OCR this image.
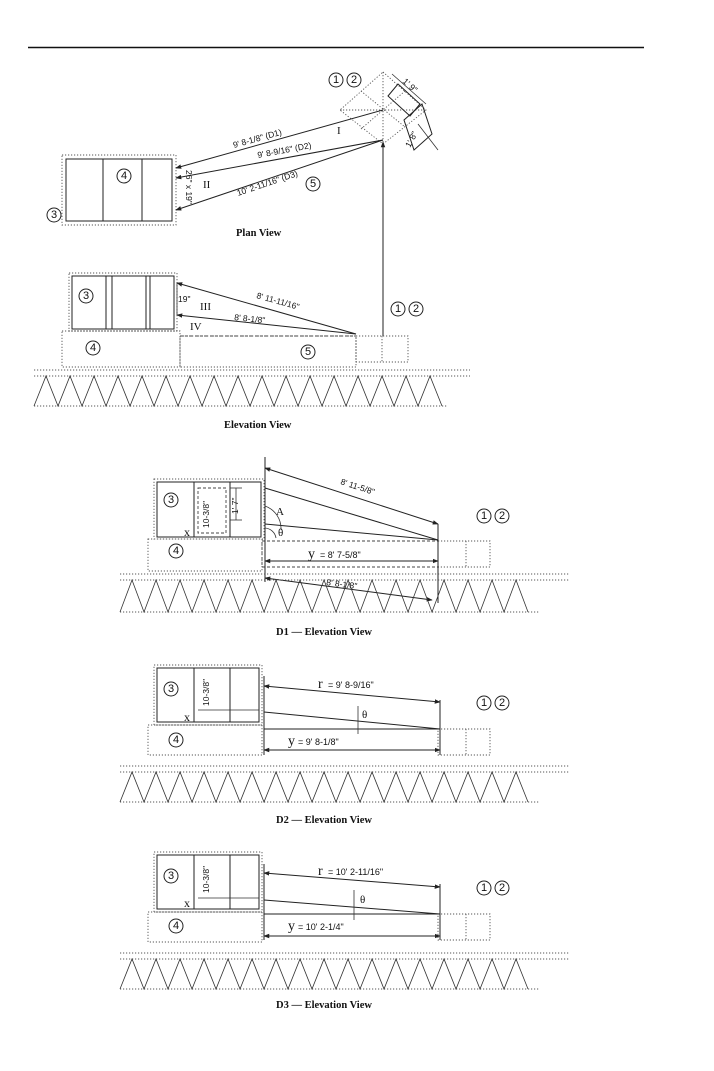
26" x 19"
1' 9"
1' 8"
9' 8-1/8" (D1)
9' 8-9/16" (D2)
10' 2-11/16" (D3)
I
II
1 2
3
4
5
Plan View
8' 11-11/16"
8' 8-1/8"
19"
III
IV
3
4	5
1 2
Elevation View
8' 11-5/8"
8' 8-1/8"
y = 8' 7-5/8"
10-3/8" 1' 7"	A
θ
x
3
4
1 2
D1 — Elevation View
r = 9' 8-9/16"
y = 9' 8-1/8"
10-3/8"
θ
x
3
4
1 2
D2 — Elevation View
r = 10' 2-11/16"
y = 10' 2-1/4"
10-3/8"
θ
x
3
4
1 2
D3 — Elevation View
